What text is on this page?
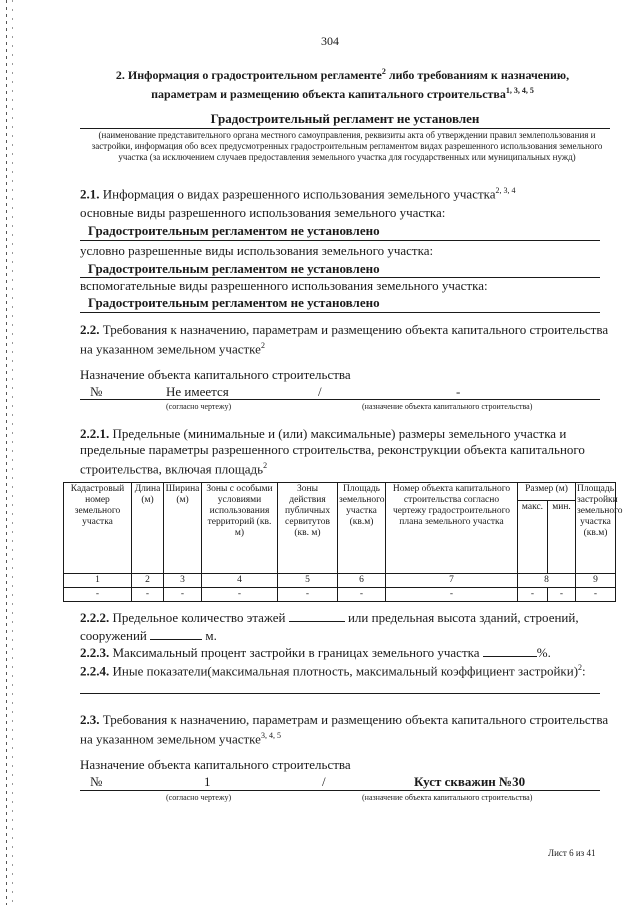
304
2. Информация о градостроительном регламенте$^2$ либо требованиям к назначению,
параметрам и размещению объекта капитального строительства$^{1, 3, 4, 5}$
Градостроительный регламент не установлен
(наименование представительного органа местного самоуправления, реквизиты акта об утверждении правил землепользования и застройки, информация обо всех предусмотренных градостроительным регламентом видах разрешенного использования земельного участка (за исключением случаев предоставления земельного участка для государственных или муниципальных нужд)
2.1. Информация о видах разрешенного использования земельного участка$^{2, 3, 4}$
основные виды разрешенного использования земельного участка:
Градостроительным регламентом не установлено
условно разрешенные виды использования земельного участка:
Градостроительным регламентом не установлено
вспомогательные виды разрешенного использования земельного участка:
Градостроительным регламентом не установлено
2.2. Требования к назначению, параметрам и размещению объекта капитального строительства
на указанном земельном участке$^2$
Назначение объекта капитального строительства
№	Не имеется	/	-
(согласно чертежу)	(назначение объекта капитального строительства)
2.2.1. Предельные (минимальные и (или) максимальные) размеры земельного участка и
предельные параметры разрешенного строительства, реконструкции объекта капитального
строительства, включая площадь$^2$
Кадастровый номер земельного участка	Длина (м)	Ширина (м)	Зоны с особыми условиями использования территорий (кв. м)	Зоны действия публичных сервитутов (кв. м)	Площадь земельного участка (кв.м)	Номер объекта капитального строительства согласно чертежу градостроительного плана земельного участка	Размер (м)		Площадь застройки земельного участка (кв.м)
							макс.	мин.	
1	2	3	4	5	6	7	8		9
-	-	-	-	-	-	-	-	-	-
2.2.2. Предельное количество этажей	или предельная высота зданий, строений,
сооружений	м.
2.2.3. Максимальный процент застройки в границах земельного участка	%.
2.2.4. Иные показатели(максимальная плотность, максимальный коэффициент застройки)$^2$:
2.3. Требования к назначению, параметрам и размещению объекта капитального строительства
на указанном земельном участке$^{3, 4, 5}$
Назначение объекта капитального строительства
№	1	/	Куст скважин №30
(согласно чертежу)	(назначение объекта капитального строительства)
Лист 6 из 41
